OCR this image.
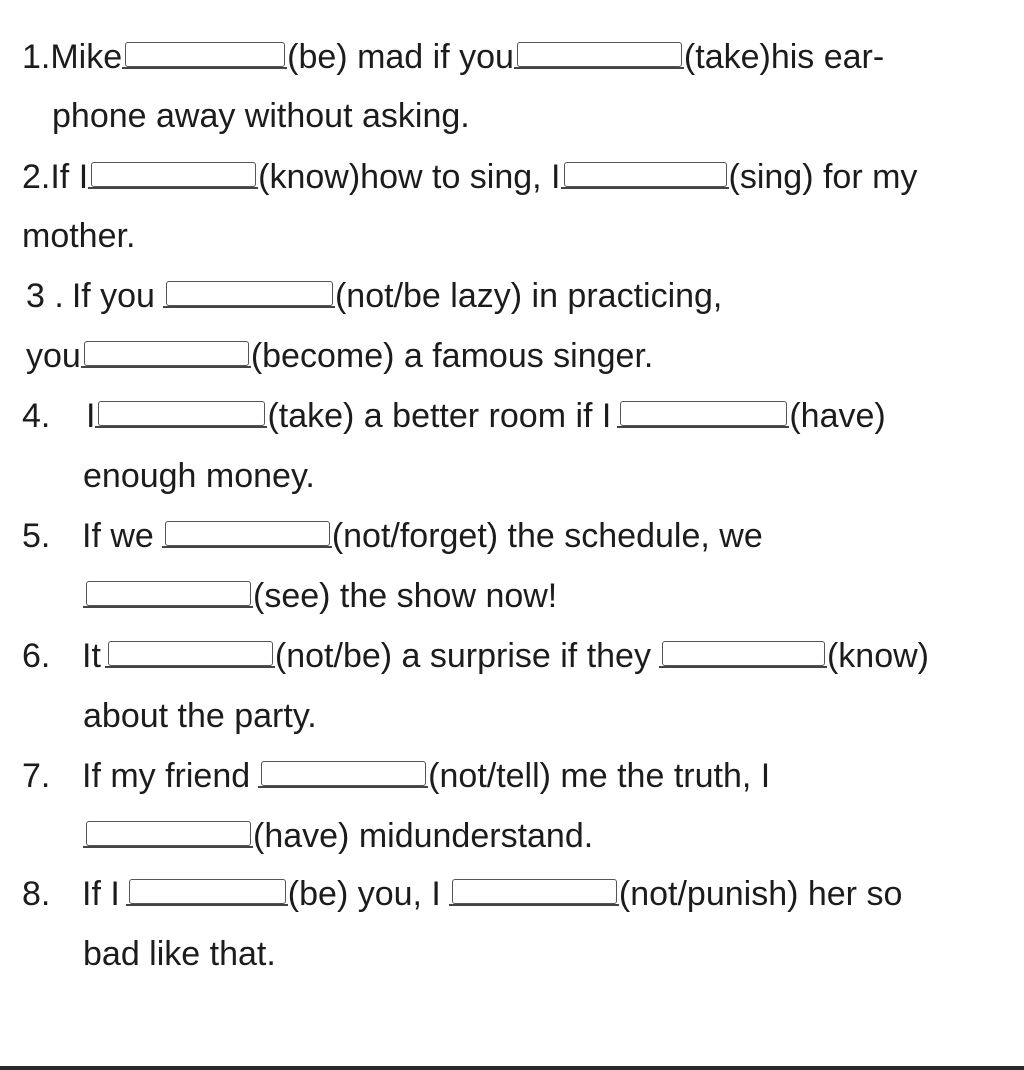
1. Mike	(be) mad if you	(take)his ear-
phone away without asking.
2. If I	(know)how to sing, I	(sing) for my
mother.
3 . If you	(not/be lazy) in practicing,
you	(become) a famous singer.
4.	I	(take) a better room if I	(have)
enough money.
5. If we	(not/forget) the schedule, we
(see) the show now!
6. It	(not/be) a surprise if they	(know)
about the party.
7. If my friend	(not/tell) me the truth, I
(have) midunderstand.
8. If I	(be) you, I	(not/punish) her so
bad like that.
